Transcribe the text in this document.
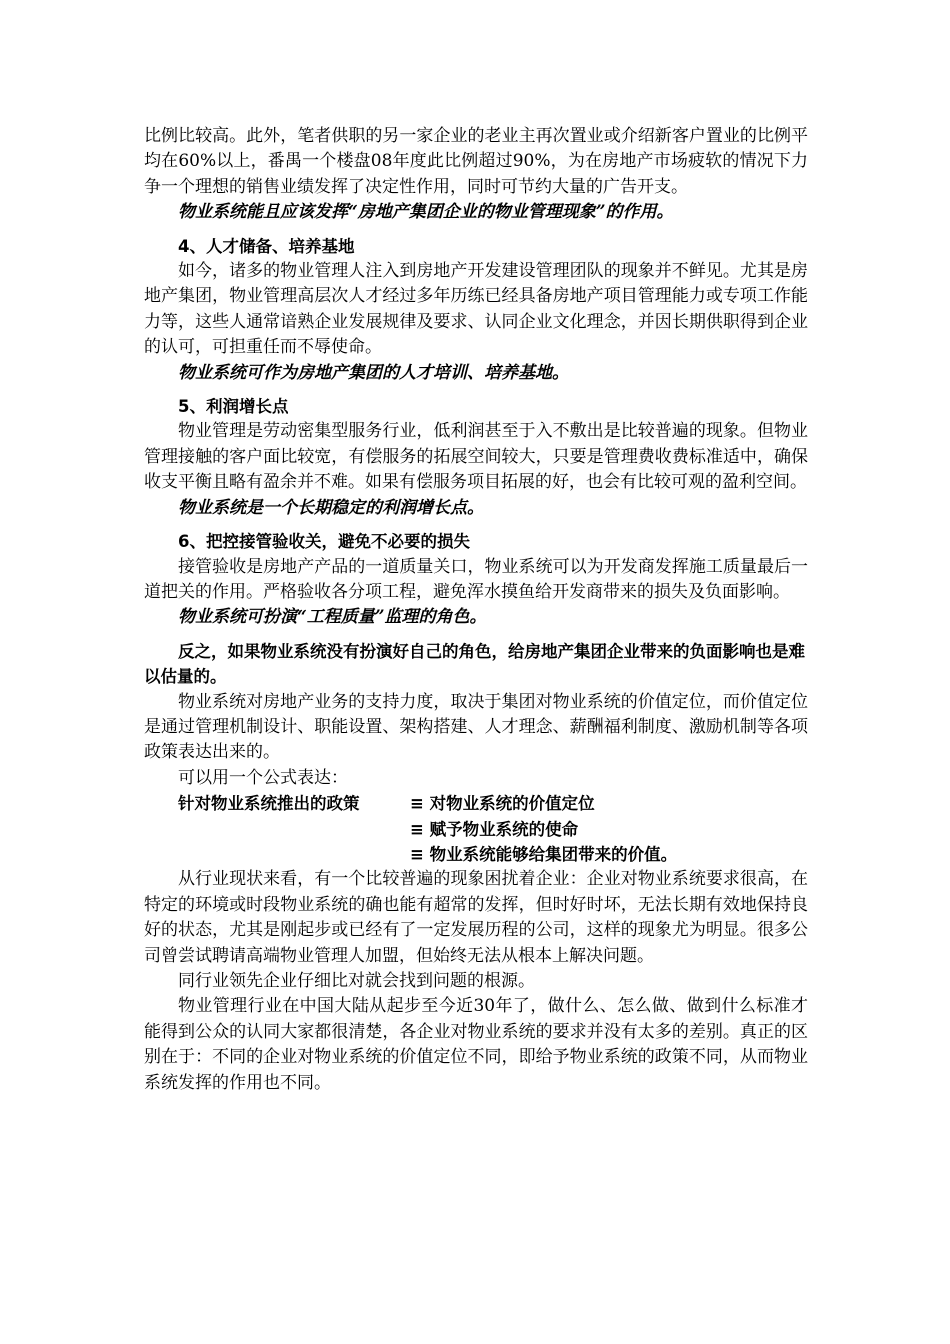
比例比较高。此外，笔者供职的另一家企业的老业主再次置业或介绍新客户置业的比例平均在60%以上，番禺一个楼盘08年度此比例超过90%，为在房地产市场疲软的情况下力争一个理想的销售业绩发挥了决定性作用，同时可节约大量的广告开支。

物业系统能且应该发挥“房地产集团企业的物业管理现象”的作用。

4、人才储备、培养基地

如今，诸多的物业管理人注入到房地产开发建设管理团队的现象并不鲜见。尤其是房地产集团，物业管理高层次人才经过多年历练已经具备房地产项目管理能力或专项工作能力等，这些人通常谙熟企业发展规律及要求、认同企业文化理念，并因长期供职得到企业的认可，可担重任而不辱使命。

物业系统可作为房地产集团的人才培训、培养基地。

5、利润增长点

物业管理是劳动密集型服务行业，低利润甚至于入不敷出是比较普遍的现象。但物业管理接触的客户面比较宽，有偿服务的拓展空间较大，只要是管理费收费标准适中，确保收支平衡且略有盈余并不难。如果有偿服务项目拓展的好，也会有比较可观的盈利空间。

物业系统是一个长期稳定的利润增长点。

6、把控接管验收关，避免不必要的损失

接管验收是房地产产品的一道质量关口，物业系统可以为开发商发挥施工质量最后一道把关的作用。严格验收各分项工程，避免浑水摸鱼给开发商带来的损失及负面影响。

物业系统可扮演“工程质量”监理的角色。

反之，如果物业系统没有扮演好自己的角色，给房地产集团企业带来的负面影响也是难以估量的。

物业系统对房地产业务的支持力度，取决于集团对物业系统的价值定位，而价值定位是通过管理机制设计、职能设置、架构搭建、人才理念、薪酬福利制度、激励机制等各项政策表达出来的。

可以用一个公式表达：

针对物业系统推出的政策	≡ 对物业系统的价值定位
≡ 赋予物业系统的使命
≡ 物业系统能够给集团带来的价值。

从行业现状来看，有一个比较普遍的现象困扰着企业：企业对物业系统要求很高，在特定的环境或时段物业系统的确也能有超常的发挥，但时好时坏，无法长期有效地保持良好的状态，尤其是刚起步或已经有了一定发展历程的公司，这样的现象尤为明显。很多公司曾尝试聘请高端物业管理人加盟，但始终无法从根本上解决问题。

同行业领先企业仔细比对就会找到问题的根源。

物业管理行业在中国大陆从起步至今近30年了，做什么、怎么做、做到什么标准才能得到公众的认同大家都很清楚，各企业对物业系统的要求并没有太多的差别。真正的区别在于：不同的企业对物业系统的价值定位不同，即给予物业系统的政策不同，从而物业系统发挥的作用也不同。
